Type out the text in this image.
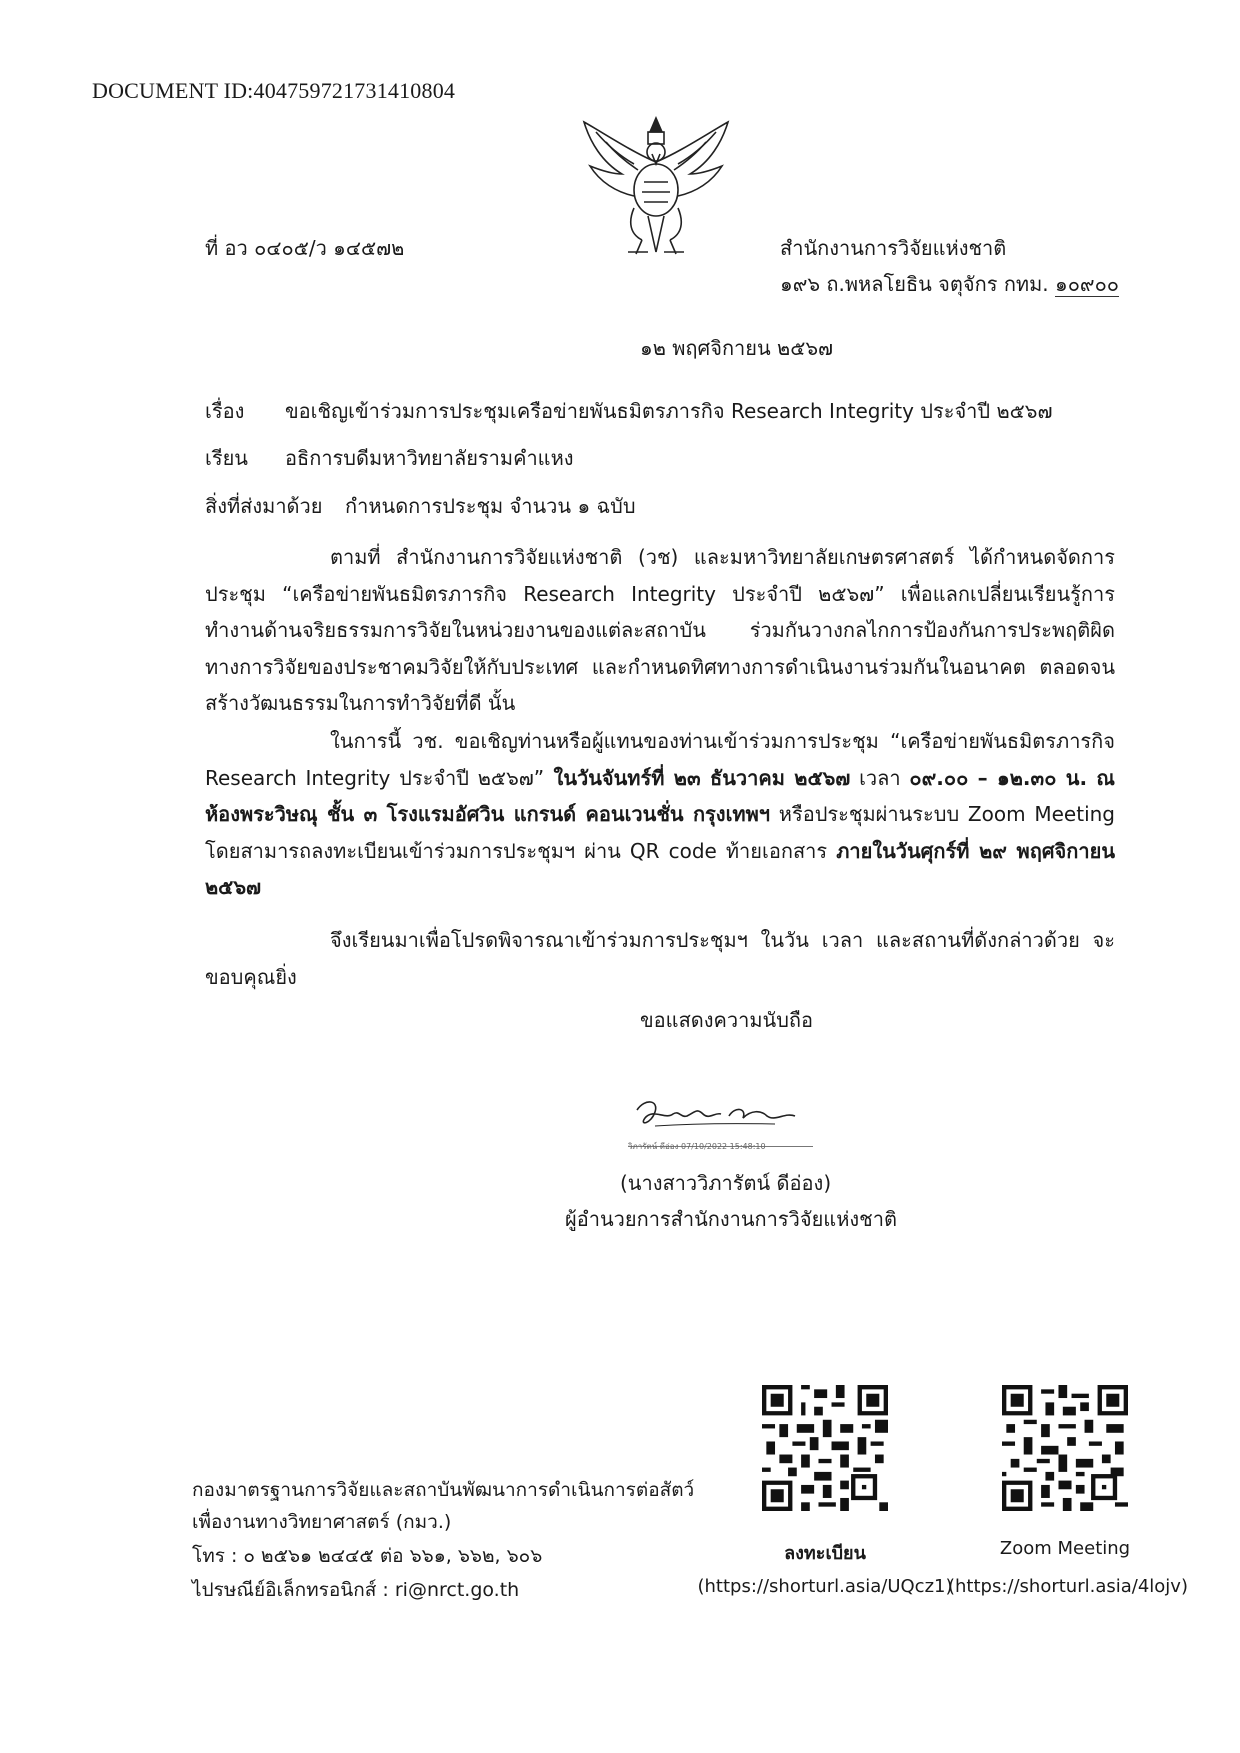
DOCUMENT ID:404759721731410804
ที่ อว ๐๔๐๕/ว ๑๔๕๗๒	สำนักงานการวิจัยแห่งชาติ
๑๙๖ ถ.พหลโยธิน จตุจักร กทม. ๑๐๙๐๐
๑๒ พฤศจิกายน ๒๕๖๗
เรื่อง ขอเชิญเข้าร่วมการประชุมเครือข่ายพันธมิตรภารกิจ Research Integrity ประจำปี ๒๕๖๗
เรียน อธิการบดีมหาวิทยาลัยรามคำแหง
สิ่งที่ส่งมาด้วย กำหนดการประชุม จำนวน ๑ ฉบับ
ตามที่ สำนักงานการวิจัยแห่งชาติ (วช) และมหาวิทยาลัยเกษตรศาสตร์ ได้กำหนดจัดการประชุม “เครือข่ายพันธมิตรภารกิจ Research Integrity ประจำปี ๒๕๖๗” เพื่อแลกเปลี่ยนเรียนรู้การทำงานด้านจริยธรรมการวิจัยในหน่วยงานของแต่ละสถาบัน ร่วมกันวางกลไกการป้องกันการประพฤติผิดทางการวิจัยของประชาคมวิจัยให้กับประเทศ และกำหนดทิศทางการดำเนินงานร่วมกันในอนาคต ตลอดจนสร้างวัฒนธรรมในการทำวิจัยที่ดี นั้น
ในการนี้ วช. ขอเชิญท่านหรือผู้แทนของท่านเข้าร่วมการประชุม “เครือข่ายพันธมิตรภารกิจ Research Integrity ประจำปี ๒๕๖๗” ในวันจันทร์ที่ ๒๓ ธันวาคม ๒๕๖๗ เวลา ๐๙.๐๐ – ๑๒.๓๐ น. ณ ห้องพระวิษณุ ชั้น ๓ โรงแรมอัศวิน แกรนด์ คอนเวนชั่น กรุงเทพฯ หรือประชุมผ่านระบบ Zoom Meeting โดยสามารถลงทะเบียนเข้าร่วมการประชุมฯ ผ่าน QR code ท้ายเอกสาร ภายในวันศุกร์ที่ ๒๙ พฤศจิกายน ๒๕๖๗
จึงเรียนมาเพื่อโปรดพิจารณาเข้าร่วมการประชุมฯ ในวัน เวลา และสถานที่ดังกล่าวด้วย จะขอบคุณยิ่ง
ขอแสดงความนับถือ
วิภารัตน์ ดีอ่อง 07/10/2022 15:48:10
(นางสาววิภารัตน์ ดีอ่อง)
ผู้อำนวยการสำนักงานการวิจัยแห่งชาติ
กองมาตรฐานการวิจัยและสถาบันพัฒนาการดำเนินการต่อสัตว์
เพื่องานทางวิทยาศาสตร์ (กมว.)
โทร : ๐ ๒๕๖๑ ๒๔๔๕ ต่อ ๖๖๑, ๖๖๒, ๖๐๖
ไปรษณีย์อิเล็กทรอนิกส์ : ri@nrct.go.th
ลงทะเบียน	Zoom Meeting
(https://shorturl.asia/UQcz1)
(https://shorturl.asia/4lojv)
